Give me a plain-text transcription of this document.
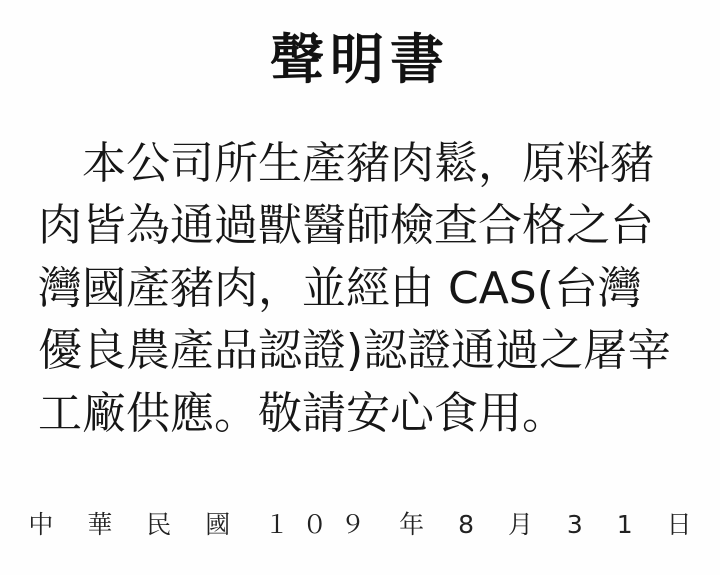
聲明書

本公司所生產豬肉鬆，原料豬肉皆為通過獸醫師檢查合格之台灣國產豬肉，並經由 CAS(台灣優良農產品認證)認證通過之屠宰工廠供應。敬請安心食用。

中 華 民 國 １０９ 年 8 月 3 1 日
